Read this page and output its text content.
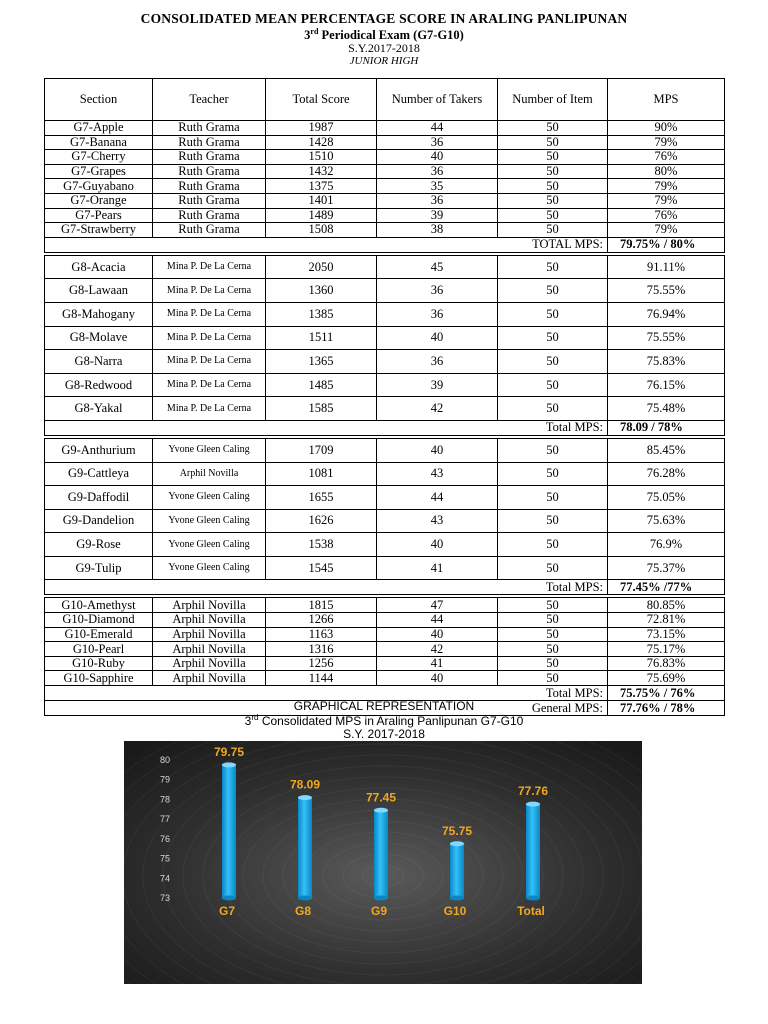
CONSOLIDATED MEAN PERCENTAGE SCORE IN ARALING PANLIPUNAN
3rd Periodical Exam (G7-G10)
S.Y.2017-2018
JUNIOR HIGH
Section	Teacher	Total Score	Number of Takers	Number of Item	MPS
G7-Apple	Ruth Grama	1987	44	50	90%
G7-Banana	Ruth Grama	1428	36	50	79%
G7-Cherry	Ruth Grama	1510	40	50	76%
G7-Grapes	Ruth Grama	1432	36	50	80%
G7-Guyabano	Ruth Grama	1375	35	50	79%
G7-Orange	Ruth Grama	1401	36	50	79%
G7-Pears	Ruth Grama	1489	39	50	76%
G7-Strawberry	Ruth Grama	1508	38	50	79%
TOTAL MPS:					79.75% / 80%

G8-Acacia	Mina P. De La Cerna	2050	45	50	91.11%
G8-Lawaan	Mina P. De La Cerna	1360	36	50	75.55%
G8-Mahogany	Mina P. De La Cerna	1385	36	50	76.94%
G8-Molave	Mina P. De La Cerna	1511	40	50	75.55%
G8-Narra	Mina P. De La Cerna	1365	36	50	75.83%
G8-Redwood	Mina P. De La Cerna	1485	39	50	76.15%
G8-Yakal	Mina P. De La Cerna	1585	42	50	75.48%
Total MPS:					78.09 / 78%

G9-Anthurium	Yvone Gleen Caling	1709	40	50	85.45%
G9-Cattleya	Arphil Novilla	1081	43	50	76.28%
G9-Daffodil	Yvone Gleen Caling	1655	44	50	75.05%
G9-Dandelion	Yvone Gleen Caling	1626	43	50	75.63%
G9-Rose	Yvone Gleen Caling	1538	40	50	76.9%
G9-Tulip	Yvone Gleen Caling	1545	41	50	75.37%
Total MPS:					77.45% /77%

G10-Amethyst	Arphil Novilla	1815	47	50	80.85%
G10-Diamond	Arphil Novilla	1266	44	50	72.81%
G10-Emerald	Arphil Novilla	1163	40	50	73.15%
G10-Pearl	Arphil Novilla	1316	42	50	75.17%
G10-Ruby	Arphil Novilla	1256	41	50	76.83%
G10-Sapphire	Arphil Novilla	1144	40	50	75.69%
Total MPS:					75.75% / 76%
General MPS:					77.76% / 78%
GRAPHICAL REPRESENTATION
3rd Consolidated MPS in Araling Panlipunan G7-G10
S.Y. 2017-2018
73
74
75
76
77
78
79
80
79.75
78.09
77.45
75.75
77.76
G7	G8	G9	G10	Total
